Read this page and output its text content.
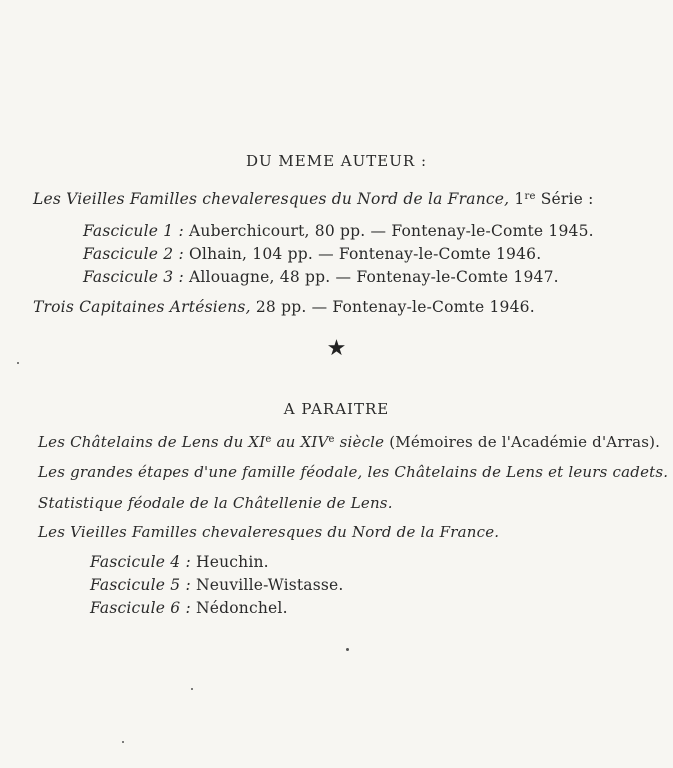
DU MEME AUTEUR :
Les Vieilles Familles chevaleresques du Nord de la France, 1re Série :
Fascicule 1 : Auberchicourt, 80 pp. — Fontenay-le-Comte 1945.
Fascicule 2 : Olhain, 104 pp. — Fontenay-le-Comte 1946.
Fascicule 3 : Allouagne, 48 pp. — Fontenay-le-Comte 1947.
Trois Capitaines Artésiens, 28 pp. — Fontenay-le-Comte 1946.
★
A PARAITRE
Les Châtelains de Lens du XIe au XIVe siècle (Mémoires de l'Académie d'Arras).
Les grandes étapes d'une famille féodale, les Châtelains de Lens et leurs cadets.
Statistique féodale de la Châtellenie de Lens.
Les Vieilles Familles chevaleresques du Nord de la France.
Fascicule 4 : Heuchin.
Fascicule 5 : Neuville-Wistasse.
Fascicule 6 : Nédonchel.
